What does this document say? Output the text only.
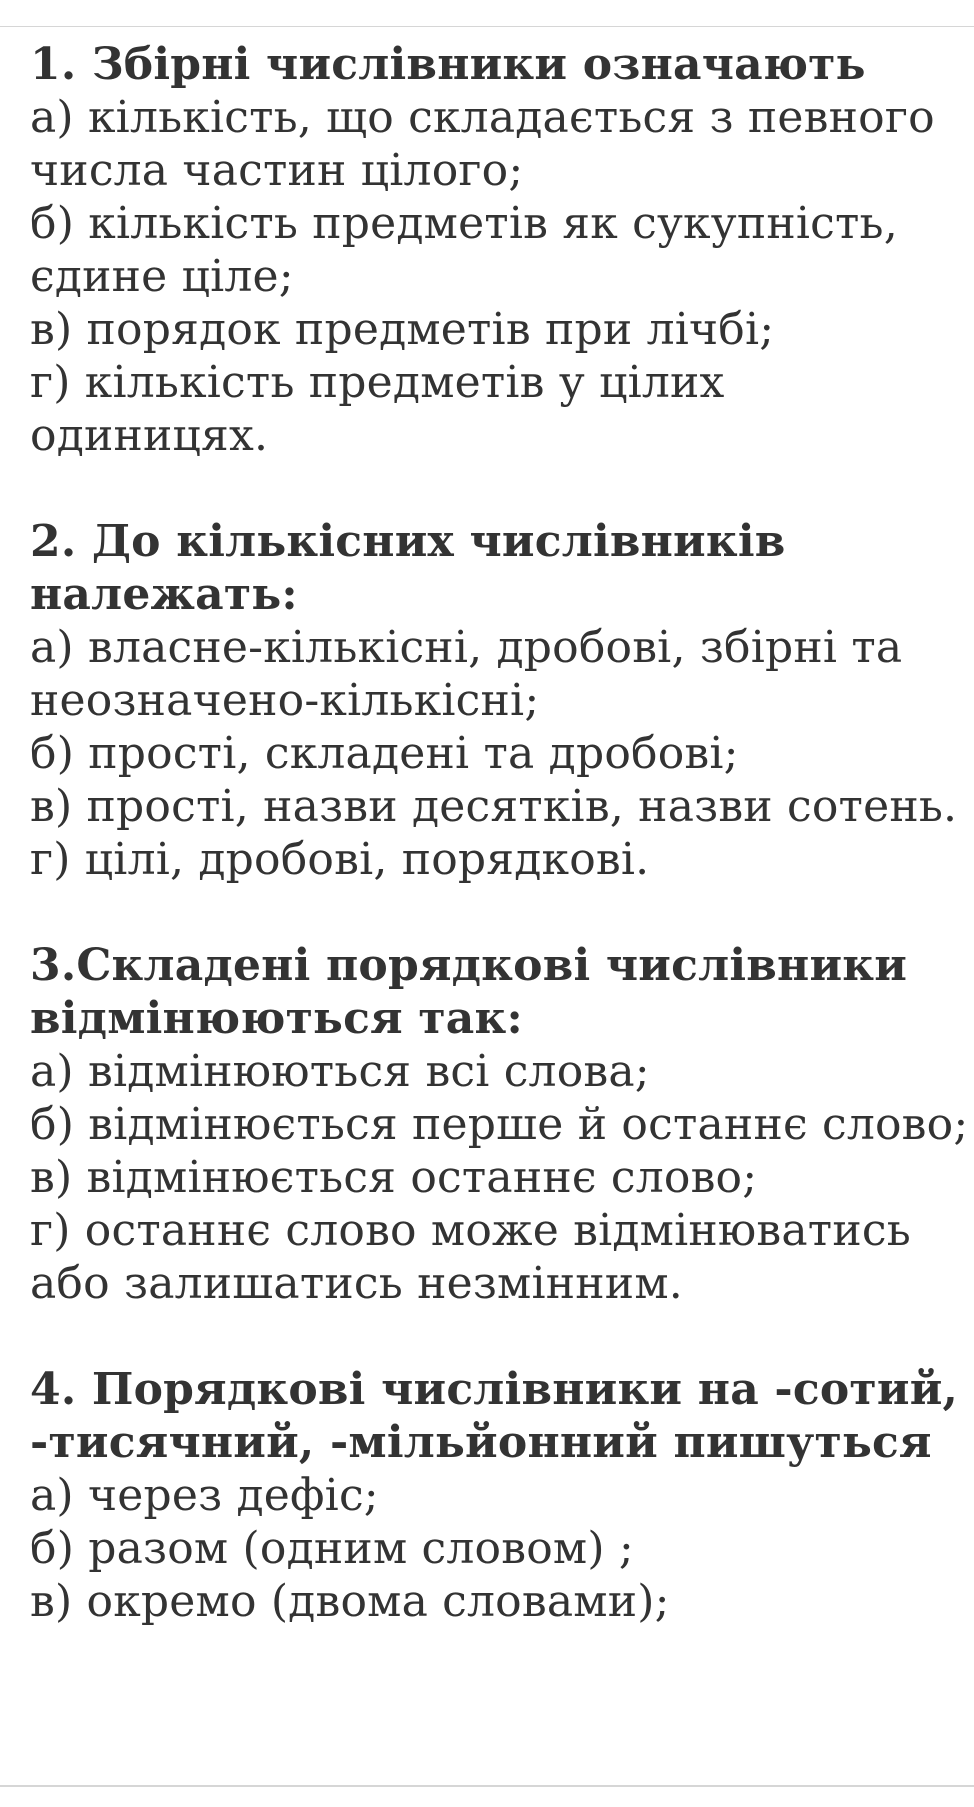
1. Збірні числівники означають

а) кількість, що складається з певного числа частин цілого;

б) кількість предметів як сукупність, єдине ціле;

в) порядок предметів при лічбі;

г) кількість предметів у цілих одиницях.

2. До кількісних числівників належать:

а) власне-кількісні, дробові, збірні та неозначено-кількісні;

б) прості, складені та дробові;

в) прості, назви десятків, назви сотень.

г) цілі, дробові, порядкові.

3.Складені порядкові числівники відмінюються так:

а) відмінюються всі слова;

б) відмінюється перше й останнє слово;

в) відмінюється останнє слово;

г) останнє слово може відмінюватись або залишатись незмінним.

4. Порядкові числівники на -сотий, -тисячний, -мільйонний пишуться

а) через дефіс;

б) разом (одним словом) ;

в) окремо (двома словами);
